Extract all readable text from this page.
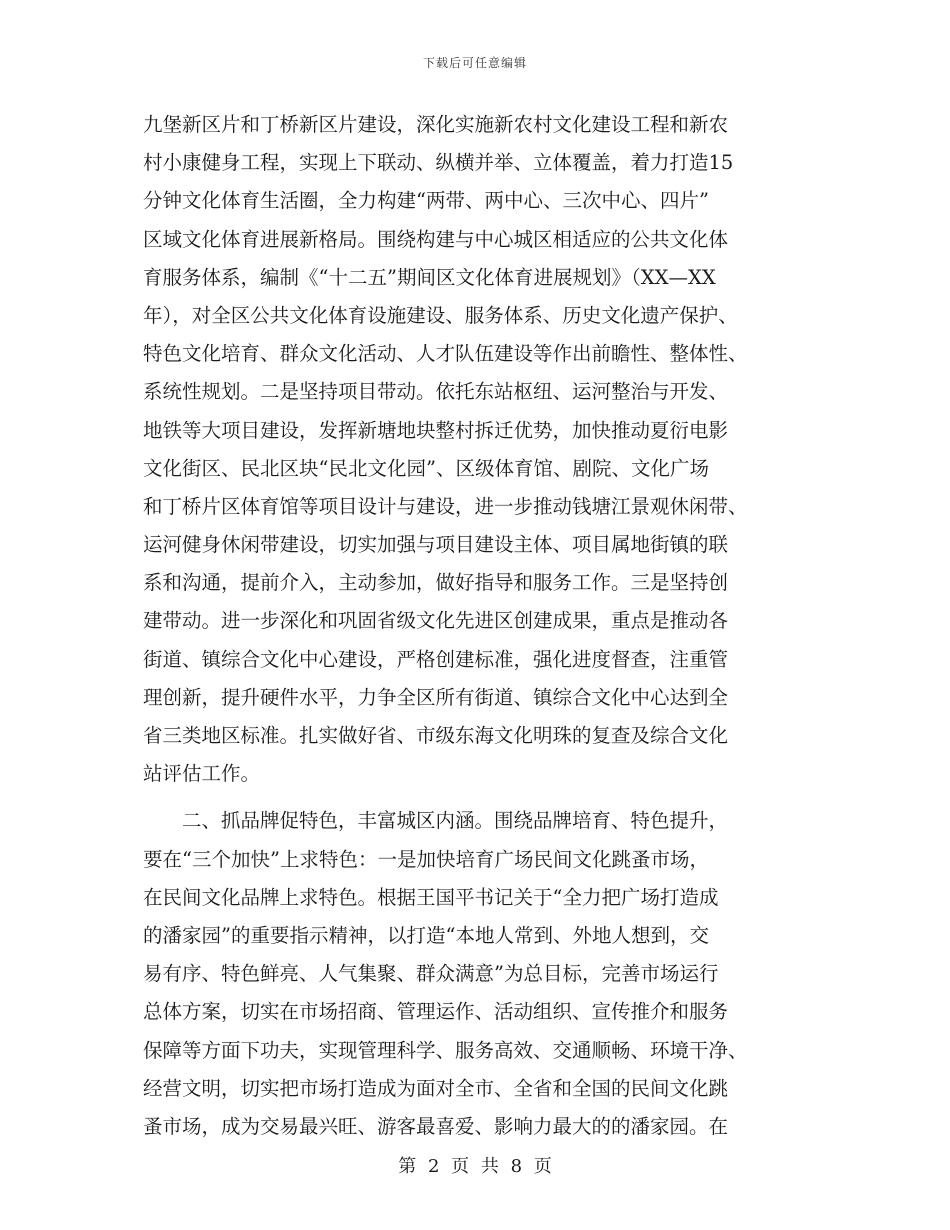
下载后可任意编辑
九堡新区片和丁桥新区片建设，深化实施新农村文化建设工程和新农
村小康健身工程，实现上下联动、纵横并举、立体覆盖，着力打造15
分钟文化体育生活圈，全力构建“两带、两中心、三次中心、四片”
区域文化体育进展新格局。围绕构建与中心城区相适应的公共文化体
育服务体系，编制《“十二五”期间区文化体育进展规划》（XX—XX
年），对全区公共文化体育设施建设、服务体系、历史文化遗产保护、
特色文化培育、群众文化活动、人才队伍建设等作出前瞻性、整体性、
系统性规划。二是坚持项目带动。依托东站枢纽、运河整治与开发、
地铁等大项目建设，发挥新塘地块整村拆迁优势，加快推动夏衍电影
文化街区、民北区块“民北文化园”、区级体育馆、剧院、文化广场
和丁桥片区体育馆等项目设计与建设，进一步推动钱塘江景观休闲带、
运河健身休闲带建设，切实加强与项目建设主体、项目属地街镇的联
系和沟通，提前介入，主动参加，做好指导和服务工作。三是坚持创
建带动。进一步深化和巩固省级文化先进区创建成果，重点是推动各
街道、镇综合文化中心建设，严格创建标准，强化进度督查，注重管
理创新，提升硬件水平，力争全区所有街道、镇综合文化中心达到全
省三类地区标准。扎实做好省、市级东海文化明珠的复查及综合文化
站评估工作。
　　二、抓品牌促特色，丰富城区内涵。围绕品牌培育、特色提升，
要在“三个加快”上求特色：一是加快培育广场民间文化跳蚤市场，
在民间文化品牌上求特色。根据王国平书记关于“全力把广场打造成
的潘家园”的重要指示精神，以打造“本地人常到、外地人想到，交
易有序、特色鲜亮、人气集聚、群众满意”为总目标，完善市场运行
总体方案，切实在市场招商、管理运作、活动组织、宣传推介和服务
保障等方面下功夫，实现管理科学、服务高效、交通顺畅、环境干净、
经营文明，切实把市场打造成为面对全市、全省和全国的民间文化跳
蚤市场，成为交易最兴旺、游客最喜爱、影响力最大的的潘家园。在
第 2 页 共 8 页
